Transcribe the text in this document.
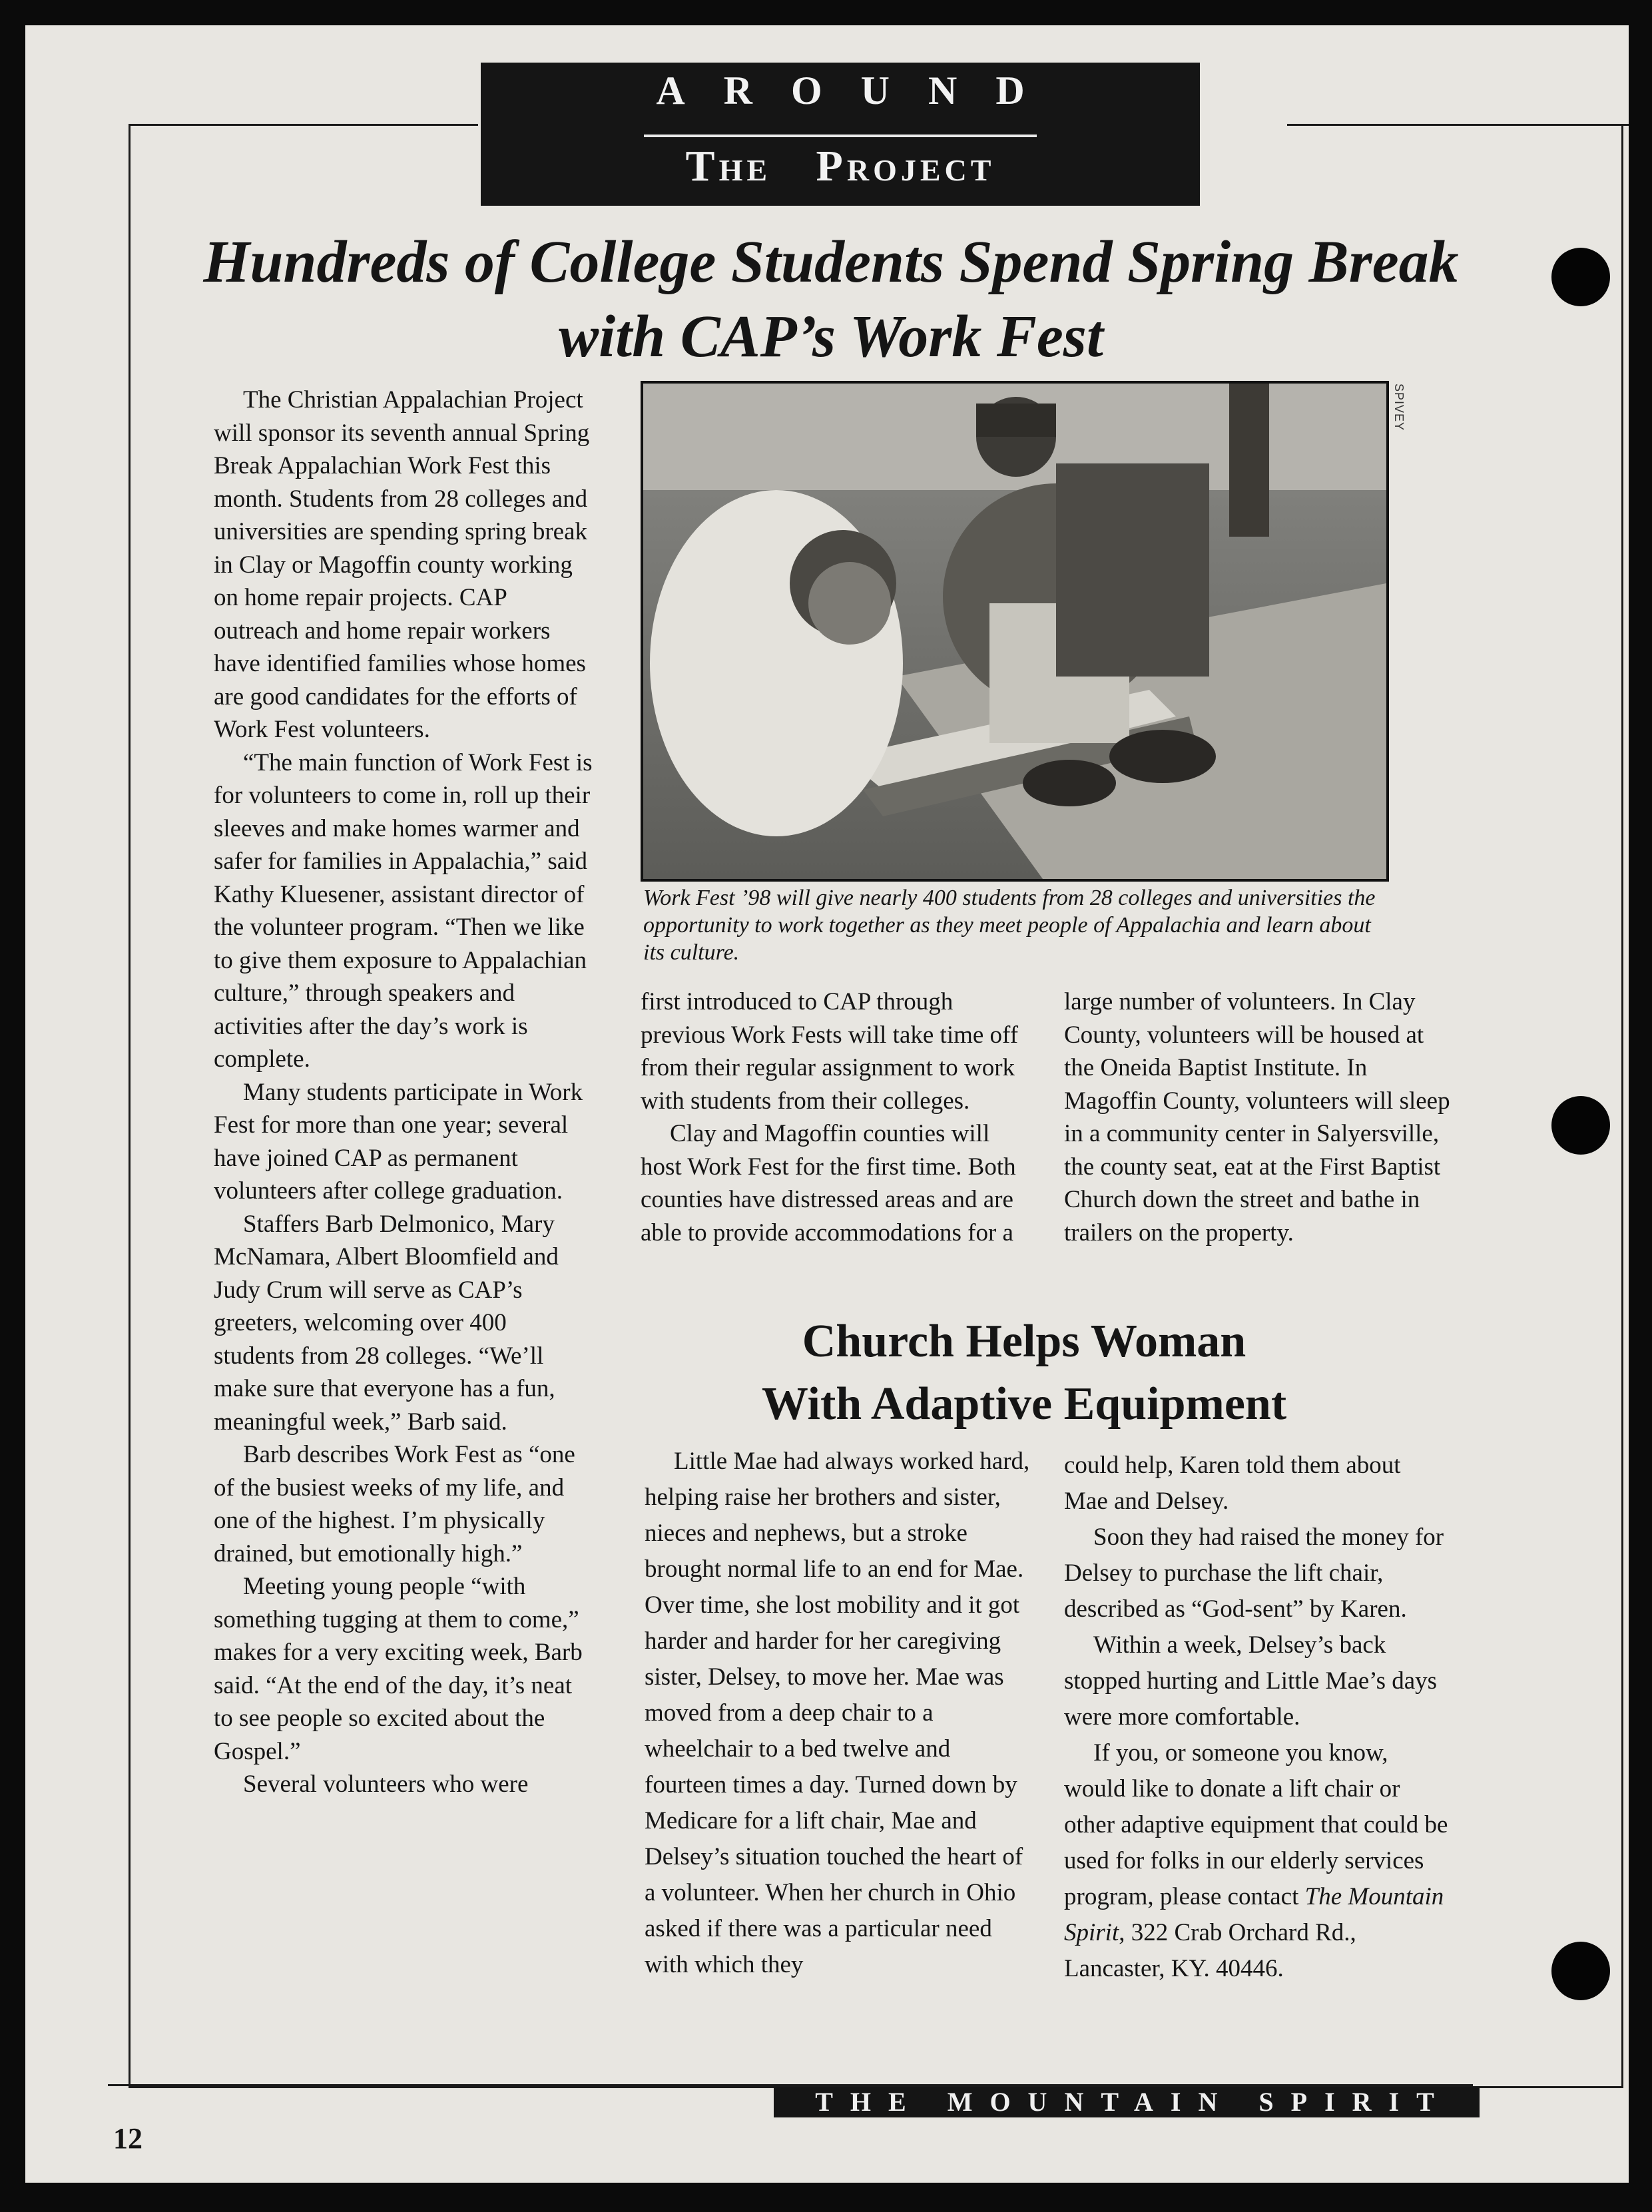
AROUND
The Project
Hundreds of College Students Spend Spring Break with CAP’s Work Fest

The Christian Appalachian Project will sponsor its seventh annual Spring Break Appalachian Work Fest this month. Students from 28 colleges and universities are spending spring break in Clay or Magoffin county working on home repair projects. CAP outreach and home repair workers have identified families whose homes are good candidates for the efforts of Work Fest volunteers.

“The main function of Work Fest is for volunteers to come in, roll up their sleeves and make homes warmer and safer for families in Appalachia,” said Kathy Kluesener, assistant director of the volunteer program. “Then we like to give them exposure to Appalachian culture,” through speakers and activities after the day’s work is complete.

Many students participate in Work Fest for more than one year; several have joined CAP as permanent volunteers after college graduation.

Staffers Barb Delmonico, Mary McNamara, Albert Bloomfield and Judy Crum will serve as CAP’s greeters, welcoming over 400 students from 28 colleges. “We’ll make sure that everyone has a fun, meaningful week,” Barb said.

Barb describes Work Fest as “one of the busiest weeks of my life, and one of the highest. I’m physically drained, but emotionally high.”

Meeting young people “with something tugging at them to come,” makes for a very exciting week, Barb said. “At the end of the day, it’s neat to see people so excited about the Gospel.”

Several volunteers who were

SPIVEY
Work Fest ’98 will give nearly 400 students from 28 colleges and universities the opportunity to work together as they meet people of Appalachia and learn about its culture.

first introduced to CAP through previous Work Fests will take time off from their regular assignment to work with students from their colleges.

Clay and Magoffin counties will host Work Fest for the first time. Both counties have distressed areas and are able to provide accommodations for a

large number of volunteers. In Clay County, volunteers will be housed at the Oneida Baptist Institute. In Magoffin County, volunteers will sleep in a community center in Salyersville, the county seat, eat at the First Baptist Church down the street and bathe in trailers on the property.

Church Helps Woman
With Adaptive Equipment

Little Mae had always worked hard, helping raise her brothers and sister, nieces and nephews, but a stroke brought normal life to an end for Mae. Over time, she lost mobility and it got harder and harder for her caregiving sister, Delsey, to move her. Mae was moved from a deep chair to a wheelchair to a bed twelve and fourteen times a day. Turned down by Medicare for a lift chair, Mae and Delsey’s situation touched the heart of a volunteer. When her church in Ohio asked if there was a particular need with which they

could help, Karen told them about Mae and Delsey.

Soon they had raised the money for Delsey to purchase the lift chair, described as “God-sent” by Karen.

Within a week, Delsey’s back stopped hurting and Little Mae’s days were more comfortable.

If you, or someone you know, would like to donate a lift chair or other adaptive equipment that could be used for folks in our elderly services program, please contact The Mountain Spirit, 322 Crab Orchard Rd., Lancaster, KY. 40446.

THE MOUNTAIN SPIRIT
12
